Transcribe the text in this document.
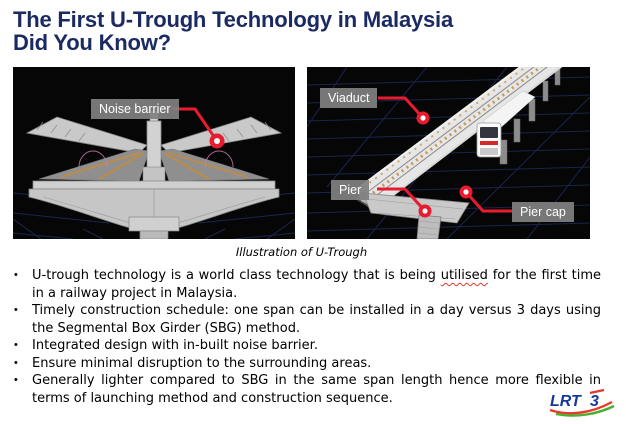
The First U-Trough Technology in Malaysia
Did You Know?
Noise barrier
Viaduct
Pier
Pier cap
Illustration of U-Trough
•	U-trough technology is a world class technology that is being utilised for the first time in a railway project in Malaysia.
•	Timely construction schedule: one span can be installed in a day versus 3 days using the Segmental Box Girder (SBG) method.
•	Integrated design with in-built noise barrier.
•	Ensure minimal disruption to the surrounding areas.
•	Generally lighter compared to SBG in the same span length hence more flexible in terms of launching method and construction sequence.	LRT 3
